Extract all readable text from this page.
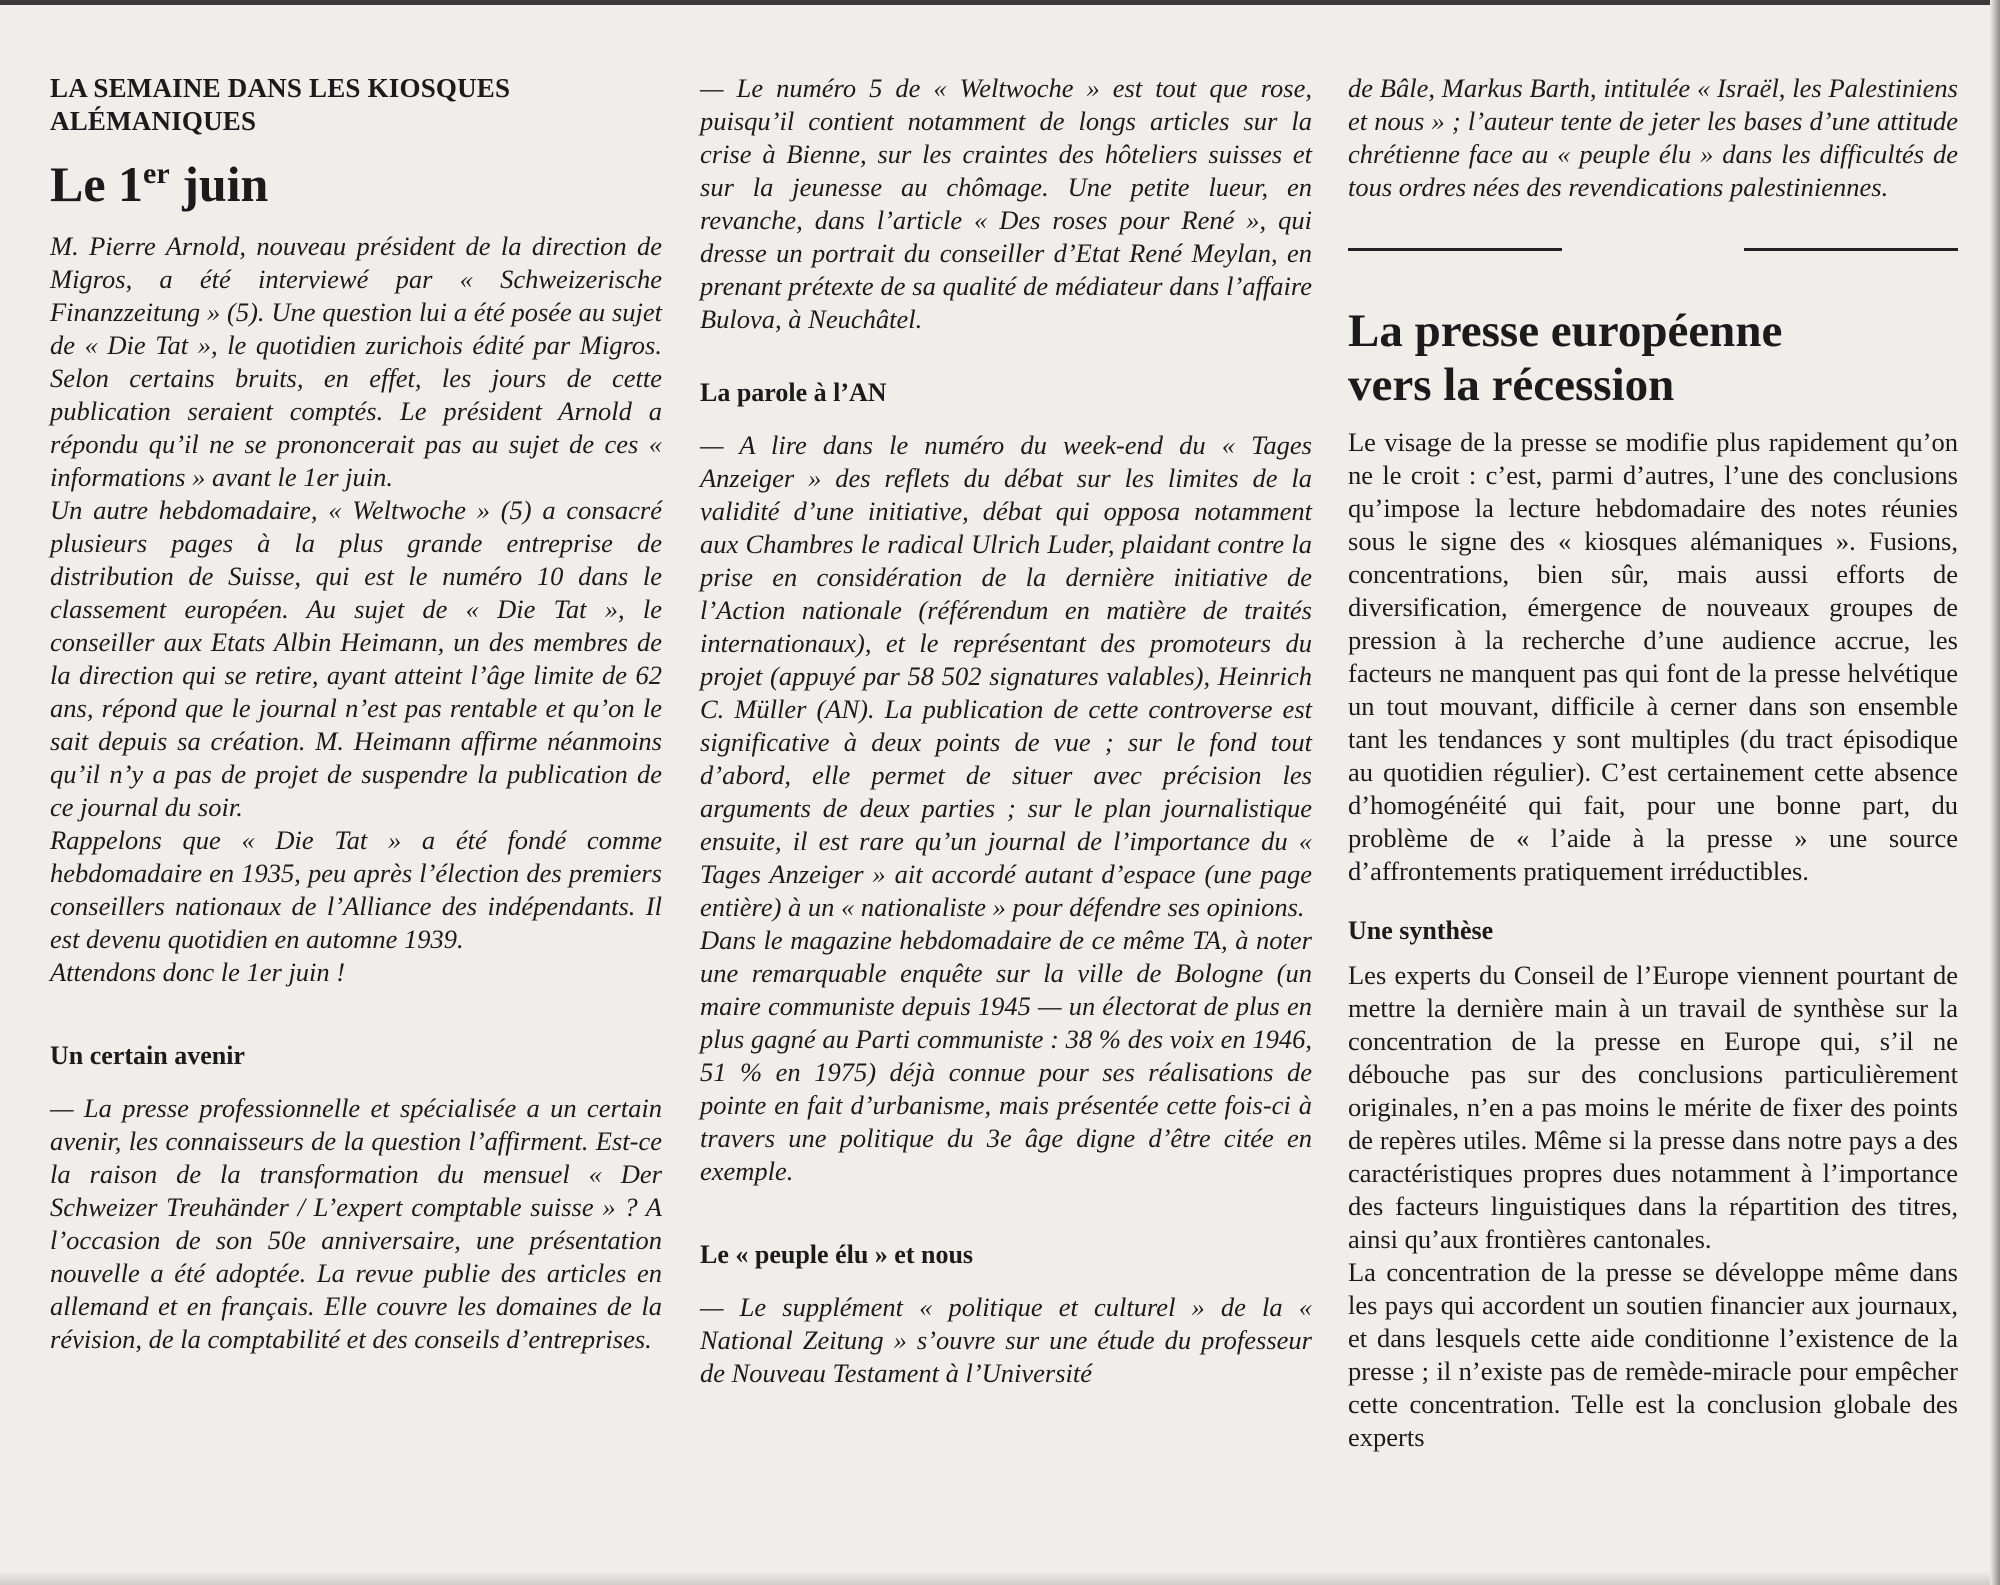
LA SEMAINE DANS LES KIOSQUES
ALÉMANIQUES
Le 1er juin

M. Pierre Arnold, nouveau président de la direction de Migros, a été interviewé par « Schweizerische Finanzzeitung » (5). Une question lui a été posée au sujet de « Die Tat », le quotidien zurichois édité par Migros. Selon certains bruits, en effet, les jours de cette publication seraient comptés. Le président Arnold a répondu qu’il ne se prononcerait pas au sujet de ces « informations » avant le 1er juin.

Un autre hebdomadaire, « Weltwoche » (5) a consacré plusieurs pages à la plus grande entreprise de distribution de Suisse, qui est le numéro 10 dans le classement européen. Au sujet de « Die Tat », le conseiller aux Etats Albin Heimann, un des membres de la direction qui se retire, ayant atteint l’âge limite de 62 ans, répond que le journal n’est pas rentable et qu’on le sait depuis sa création. M. Heimann affirme néanmoins qu’il n’y a pas de projet de suspendre la publication de ce journal du soir.

Rappelons que « Die Tat » a été fondé comme hebdomadaire en 1935, peu après l’élection des premiers conseillers nationaux de l’Alliance des indépendants. Il est devenu quotidien en automne 1939.

Attendons donc le 1er juin !

Un certain avenir

— La presse professionnelle et spécialisée a un certain avenir, les connaisseurs de la question l’affirment. Est-ce la raison de la transformation du mensuel « Der Schweizer Treuhänder / L’expert comptable suisse » ? A l’occasion de son 50e anniversaire, une présentation nouvelle a été adoptée. La revue publie des articles en allemand et en français. Elle couvre les domaines de la révision, de la comptabilité et des conseils d’entreprises.

— Le numéro 5 de « Weltwoche » est tout que rose, puisqu’il contient notamment de longs articles sur la crise à Bienne, sur les craintes des hôteliers suisses et sur la jeunesse au chômage. Une petite lueur, en revanche, dans l’article « Des roses pour René », qui dresse un portrait du conseiller d’Etat René Meylan, en prenant prétexte de sa qualité de médiateur dans l’affaire Bulova, à Neuchâtel.

La parole à l’AN

— A lire dans le numéro du week-end du « Tages Anzeiger » des reflets du débat sur les limites de la validité d’une initiative, débat qui opposa notamment aux Chambres le radical Ulrich Luder, plaidant contre la prise en considération de la dernière initiative de l’Action nationale (référendum en matière de traités internationaux), et le représentant des promoteurs du projet (appuyé par 58 502 signatures valables), Heinrich C. Müller (AN). La publication de cette controverse est significative à deux points de vue ; sur le fond tout d’abord, elle permet de situer avec précision les arguments de deux parties ; sur le plan journalistique ensuite, il est rare qu’un journal de l’importance du « Tages Anzeiger » ait accordé autant d’espace (une page entière) à un « nationaliste » pour défendre ses opinions.

Dans le magazine hebdomadaire de ce même TA, à noter une remarquable enquête sur la ville de Bologne (un maire communiste depuis 1945 — un électorat de plus en plus gagné au Parti communiste : 38 % des voix en 1946, 51 % en 1975) déjà connue pour ses réalisations de pointe en fait d’urbanisme, mais présentée cette fois-ci à travers une politique du 3e âge digne d’être citée en exemple.

Le « peuple élu » et nous

— Le supplément « politique et culturel » de la « National Zeitung » s’ouvre sur une étude du professeur de Nouveau Testament à l’Université

de Bâle, Markus Barth, intitulée « Israël, les Palestiniens et nous » ; l’auteur tente de jeter les bases d’une attitude chrétienne face au « peuple élu » dans les difficultés de tous ordres nées des revendications palestiniennes.

La presse européenne
vers la récession

Le visage de la presse se modifie plus rapidement qu’on ne le croit : c’est, parmi d’autres, l’une des conclusions qu’impose la lecture hebdomadaire des notes réunies sous le signe des « kiosques alémaniques ». Fusions, concentrations, bien sûr, mais aussi efforts de diversification, émergence de nouveaux groupes de pression à la recherche d’une audience accrue, les facteurs ne manquent pas qui font de la presse helvétique un tout mouvant, difficile à cerner dans son ensemble tant les tendances y sont multiples (du tract épisodique au quotidien régulier). C’est certainement cette absence d’homogénéité qui fait, pour une bonne part, du problème de « l’aide à la presse » une source d’affrontements pratiquement irréductibles.

Une synthèse

Les experts du Conseil de l’Europe viennent pourtant de mettre la dernière main à un travail de synthèse sur la concentration de la presse en Europe qui, s’il ne débouche pas sur des conclusions particulièrement originales, n’en a pas moins le mérite de fixer des points de repères utiles. Même si la presse dans notre pays a des caractéristiques propres dues notamment à l’importance des facteurs linguistiques dans la répartition des titres, ainsi qu’aux frontières cantonales.

La concentration de la presse se développe même dans les pays qui accordent un soutien financier aux journaux, et dans lesquels cette aide conditionne l’existence de la presse ; il n’existe pas de remède-miracle pour empêcher cette concentration. Telle est la conclusion globale des experts
